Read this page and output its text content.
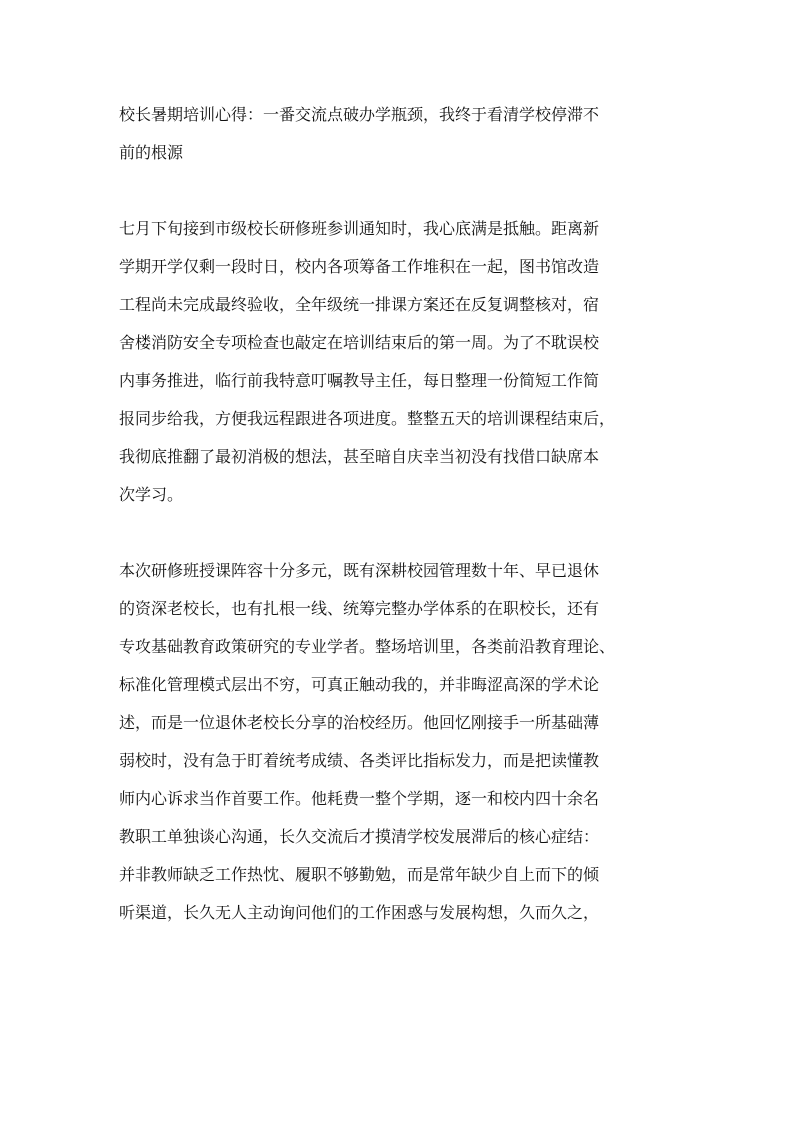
校长暑期培训心得：一番交流点破办学瓶颈，我终于看清学校停滞不
前的根源
七月下旬接到市级校长研修班参训通知时，我心底满是抵触。距离新
学期开学仅剩一段时日，校内各项筹备工作堆积在一起，图书馆改造
工程尚未完成最终验收，全年级统一排课方案还在反复调整核对，宿
舍楼消防安全专项检查也敲定在培训结束后的第一周。为了不耽误校
内事务推进，临行前我特意叮嘱教导主任，每日整理一份简短工作简
报同步给我，方便我远程跟进各项进度。整整五天的培训课程结束后，
我彻底推翻了最初消极的想法，甚至暗自庆幸当初没有找借口缺席本
次学习。
本次研修班授课阵容十分多元，既有深耕校园管理数十年、早已退休
的资深老校长，也有扎根一线、统筹完整办学体系的在职校长，还有
专攻基础教育政策研究的专业学者。整场培训里，各类前沿教育理论、
标准化管理模式层出不穷，可真正触动我的，并非晦涩高深的学术论
述，而是一位退休老校长分享的治校经历。他回忆刚接手一所基础薄
弱校时，没有急于盯着统考成绩、各类评比指标发力，而是把读懂教
师内心诉求当作首要工作。他耗费一整个学期，逐一和校内四十余名
教职工单独谈心沟通，长久交流后才摸清学校发展滞后的核心症结：
并非教师缺乏工作热忱、履职不够勤勉，而是常年缺少自上而下的倾
听渠道，长久无人主动询问他们的工作困惑与发展构想，久而久之，
